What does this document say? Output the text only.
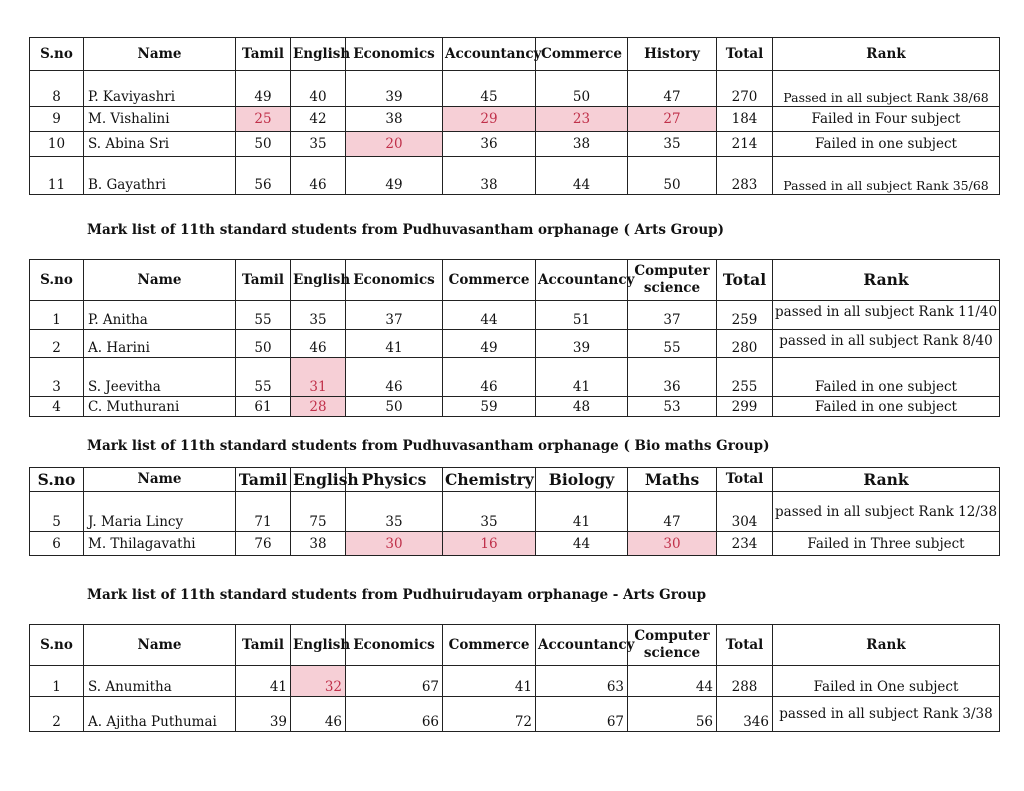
S.no	Name	Tamil	English	Economics	Accountancy	Commerce	History	Total	Rank
8	P. Kaviyashri	49	40	39	45	50	47	270	Passed in all subject Rank 38/68
9	M. Vishalini	25	42	38	29	23	27	184	Failed in Four subject
10	S. Abina Sri	50	35	20	36	38	35	214	Failed in one subject
11	B. Gayathri	56	46	49	38	44	50	283	Passed in all subject Rank 35/68
Mark list of 11th standard students from Pudhuvasantham orphanage ( Arts Group)
S.no	Name	Tamil	English	Economics	Commerce	Accountancy	Computer science	Total	Rank
1	P. Anitha	55	35	37	44	51	37	259	passed in all subject Rank 11/40
2	A. Harini	50	46	41	49	39	55	280	passed in all subject Rank 8/40
3	S. Jeevitha	55	31	46	46	41	36	255	Failed in one subject
4	C. Muthurani	61	28	50	59	48	53	299	Failed in one subject
Mark list of 11th standard students from Pudhuvasantham orphanage ( Bio maths Group)
S.no	Name	Tamil	English	Physics	Chemistry	Biology	Maths	Total	Rank
5	J. Maria Lincy	71	75	35	35	41	47	304	passed in all subject Rank 12/38
6	M. Thilagavathi	76	38	30	16	44	30	234	Failed in Three subject
Mark list of 11th standard students from Pudhuirudayam orphanage - Arts Group
S.no	Name	Tamil	English	Economics	Commerce	Accountancy	Computer science	Total	Rank
1	S. Anumitha	41	32	67	41	63	44	288	Failed in One subject
2	A. Ajitha Puthumai	39	46	66	72	67	56	346	passed in all subject Rank 3/38
